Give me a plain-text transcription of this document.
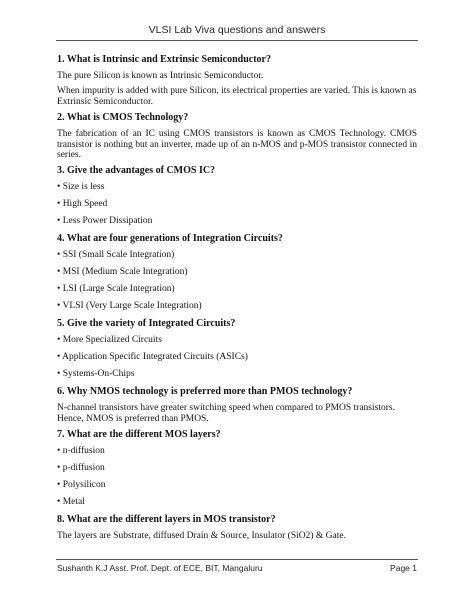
VLSI Lab Viva questions and answers
1. What is Intrinsic and Extrinsic Semiconductor?
The pure Silicon is known as Intrinsic Semiconductor.
When impurity is added with pure Silicon, its electrical properties are varied. This is known as Extrinsic Semiconductor.
2. What is CMOS Technology?
The fabrication of an IC using CMOS transistors is known as CMOS Technology. CMOS transistor is nothing but an inverter, made up of an n-MOS and p-MOS transistor connected in series.
3. Give the advantages of CMOS IC?
• Size is less
• High Speed
• Less Power Dissipation
4. What are four generations of Integration Circuits?
• SSI (Small Scale Integration)
• MSI (Medium Scale Integration)
• LSI (Large Scale Integration)
• VLSI (Very Large Scale Integration)
5. Give the variety of Integrated Circuits?
• More Specialized Circuits
• Application Specific Integrated Circuits (ASICs)
• Systems-On-Chips
6. Why NMOS technology is preferred more than PMOS technology?
N-channel transistors have greater switching speed when compared to PMOS transistors. Hence, NMOS is preferred than PMOS.
7. What are the different MOS layers?
• n-diffusion
• p-diffusion
• Polysilicon
• Metal
8. What are the different layers in MOS transistor?
The layers are Substrate, diffused Drain & Source, Insulator (SiO2) & Gate.
Sushanth K.J Asst. Prof. Dept. of ECE, BIT, Mangaluru	Page 1
